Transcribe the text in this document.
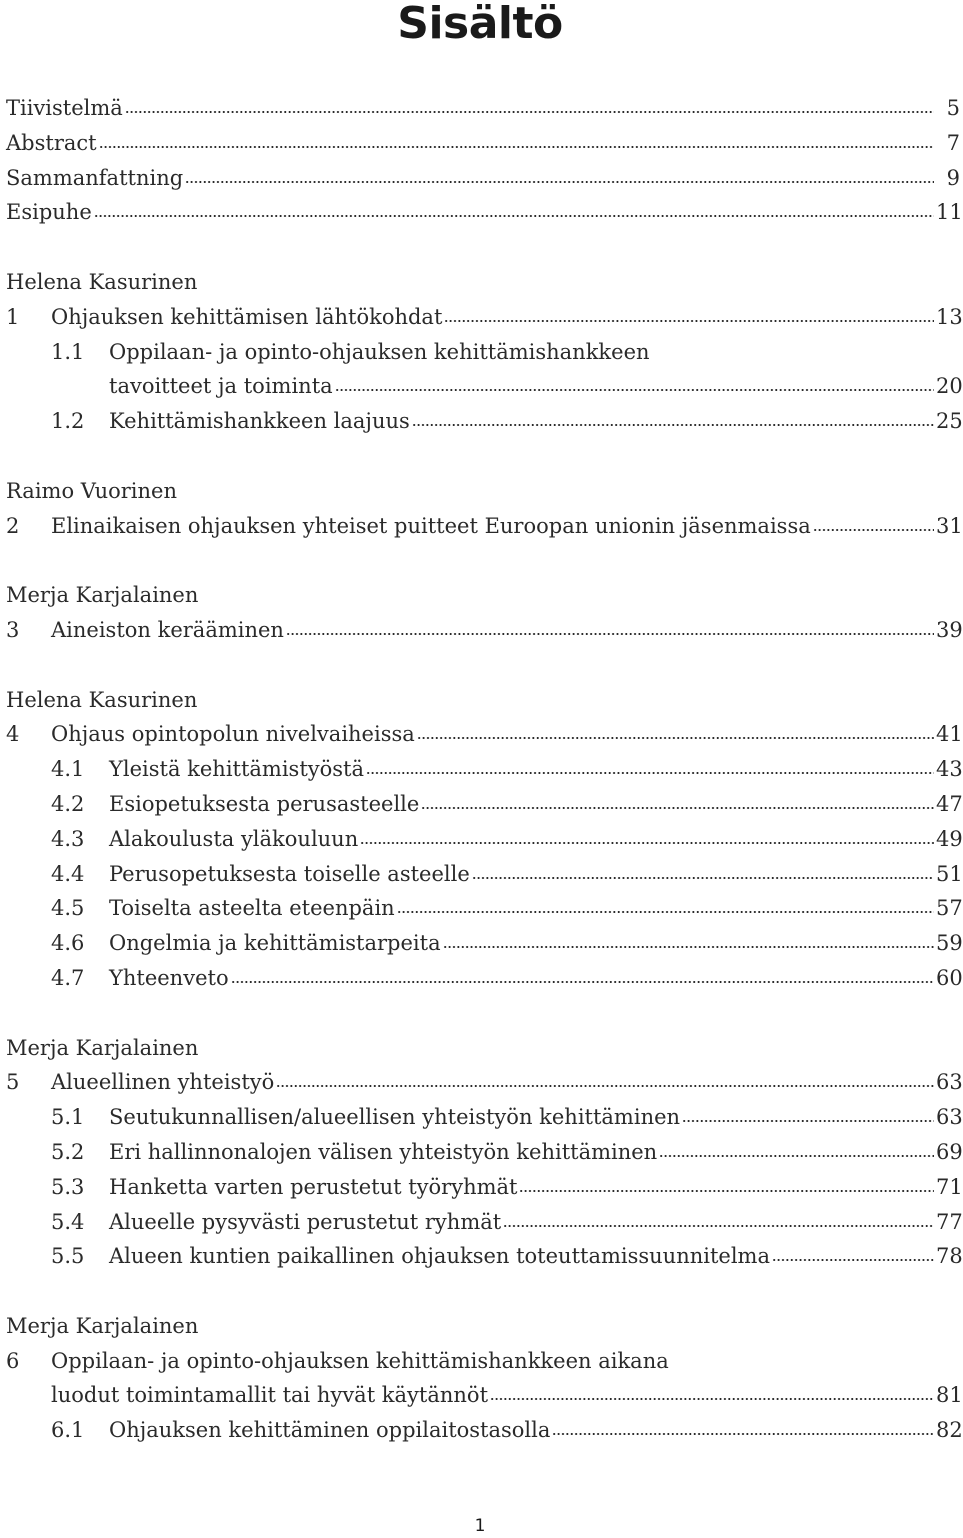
Sisältö
Tiivistelmä	5
Abstract	7
Sammanfattning	9
Esipuhe	11
Helena Kasurinen
1 Ohjauksen kehittämisen lähtökohdat	13
1.1 Oppilaan- ja opinto-ohjauksen kehittämishankkeen
tavoitteet ja toiminta	20
1.2 Kehittämishankkeen laajuus	25
Raimo Vuorinen
2 Elinaikaisen ohjauksen yhteiset puitteet Euroopan unionin jäsenmaissa	31
Merja Karjalainen
3 Aineiston kerääminen	39
Helena Kasurinen
4 Ohjaus opintopolun nivelvaiheissa	41
4.1 Yleistä kehittämistyöstä	43
4.2 Esiopetuksesta perusasteelle	47
4.3 Alakoulusta yläkouluun	49
4.4 Perusopetuksesta toiselle asteelle	51
4.5 Toiselta asteelta eteenpäin	57
4.6 Ongelmia ja kehittämistarpeita	59
4.7 Yhteenveto	60
Merja Karjalainen
5 Alueellinen yhteistyö	63
5.1 Seutukunnallisen/alueellisen yhteistyön kehittäminen	63
5.2 Eri hallinnonalojen välisen yhteistyön kehittäminen	69
5.3 Hanketta varten perustetut työryhmät	71
5.4 Alueelle pysyvästi perustetut ryhmät	77
5.5 Alueen kuntien paikallinen ohjauksen toteuttamissuunnitelma	78
Merja Karjalainen
6 Oppilaan- ja opinto-ohjauksen kehittämishankkeen aikana
luodut toimintamallit tai hyvät käytännöt	81
6.1 Ohjauksen kehittäminen oppilaitostasolla	82
1
